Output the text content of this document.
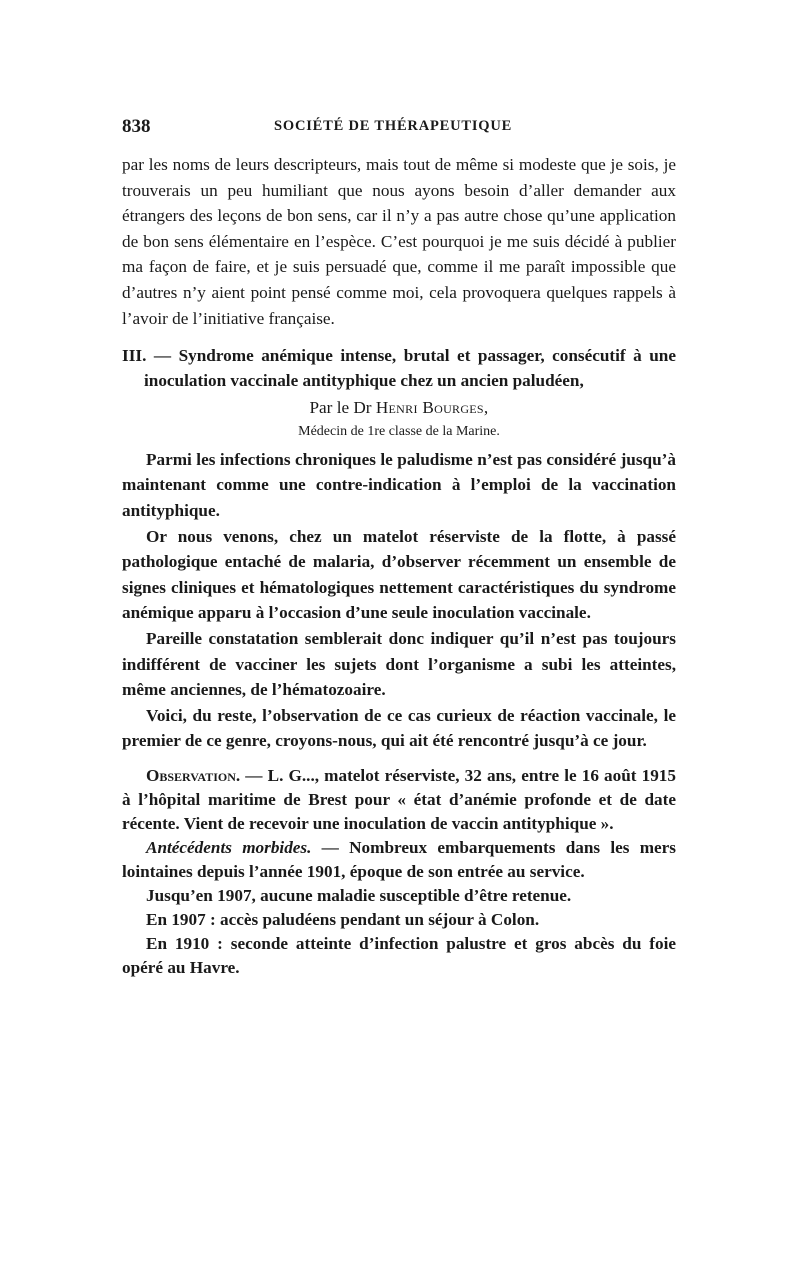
838	SOCIÉTÉ DE THÉRAPEUTIQUE

par les noms de leurs descripteurs, mais tout de même si modeste que je sois, je trouverais un peu humiliant que nous ayons besoin d’aller demander aux étrangers des leçons de bon sens, car il n’y a pas autre chose qu’une application de bon sens élémentaire en l’espèce. C’est pourquoi je me suis décidé à publier ma façon de faire, et je suis persuadé que, comme il me paraît impossible que d’autres n’y aient point pensé comme moi, cela provoquera quelques rappels à l’avoir de l’initiative française.

III. — Syndrome anémique intense, brutal et passager, consécutif à une inoculation vaccinale antityphique chez un ancien paludéen,

Par le Dr Henri Bourges,

Médecin de 1re classe de la Marine.

Parmi les infections chroniques le paludisme n’est pas considéré jusqu’à maintenant comme une contre-indication à l’emploi de la vaccination antityphique.

Or nous venons, chez un matelot réserviste de la flotte, à passé pathologique entaché de malaria, d’observer récemment un ensemble de signes cliniques et hématologiques nettement caractéristiques du syndrome anémique apparu à l’occasion d’une seule inoculation vaccinale.

Pareille constatation semblerait donc indiquer qu’il n’est pas toujours indifférent de vacciner les sujets dont l’organisme a subi les atteintes, même anciennes, de l’hématozoaire.

Voici, du reste, l’observation de ce cas curieux de réaction vaccinale, le premier de ce genre, croyons-nous, qui ait été rencontré jusqu’à ce jour.

Observation. — L. G..., matelot réserviste, 32 ans, entre le 16 août 1915 à l’hôpital maritime de Brest pour « état d’anémie profonde et de date récente. Vient de recevoir une inoculation de vaccin antityphique ».

Antécédents morbides. — Nombreux embarquements dans les mers lointaines depuis l’année 1901, époque de son entrée au service.

Jusqu’en 1907, aucune maladie susceptible d’être retenue.

En 1907 : accès paludéens pendant un séjour à Colon.

En 1910 : seconde atteinte d’infection palustre et gros abcès du foie opéré au Havre.
